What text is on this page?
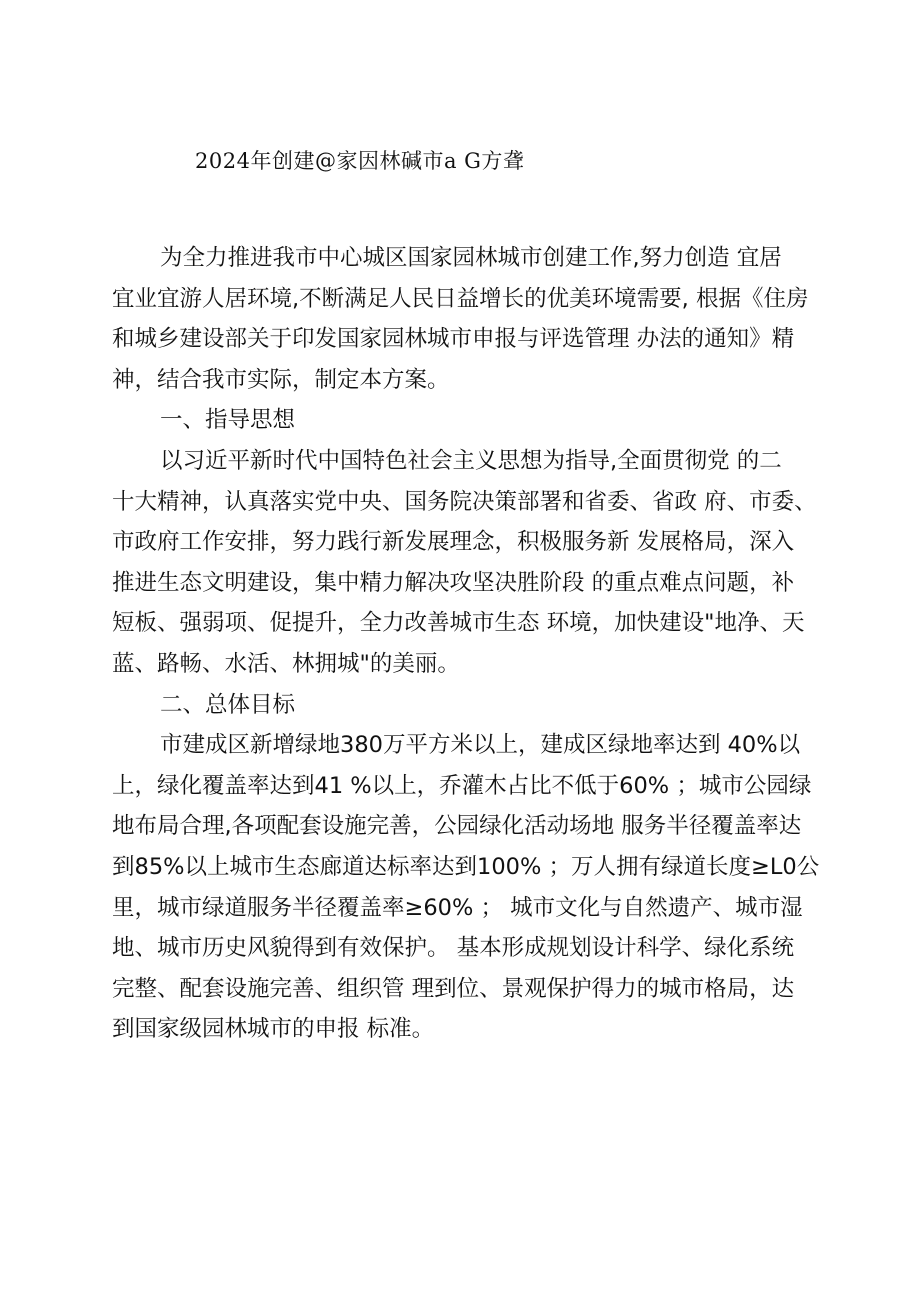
2024年创建@家因林碱市a G方聋
为全力推进我市中心城区国家园林城市创建工作,努力创造 宜居
宜业宜游人居环境,不断满足人民日益增长的优美环境需要, 根据《住房
和城乡建设部关于印发国家园林城市申报与评选管理 办法的通知》精
神，结合我市实际，制定本方案。
一、指导思想
以习近平新时代中国特色社会主义思想为指导,全面贯彻党 的二
十大精神，认真落实党中央、国务院决策部署和省委、省政 府、市委、
市政府工作安排，努力践行新发展理念，积极服务新 发展格局，深入
推进生态文明建设，集中精力解决攻坚决胜阶段 的重点难点问题，补
短板、强弱项、促提升，全力改善城市生态 环境，加快建设"地净、天
蓝、路畅、水活、林拥城"的美丽。
二、总体目标
市建成区新增绿地380万平方米以上，建成区绿地率达到 40%以
上，绿化覆盖率达到41 %以上，乔灌木占比不低于60% ；城市公园绿
地布局合理,各项配套设施完善，公园绿化活动场地 服务半径覆盖率达
到85%以上城市生态廊道达标率达到100% ；万人拥有绿道长度≥L0公
里，城市绿道服务半径覆盖率≥60% ； 城市文化与自然遗产、城市湿
地、城市历史风貌得到有效保护。 基本形成规划设计科学、绿化系统
完整、配套设施完善、组织管 理到位、景观保护得力的城市格局，达
到国家级园林城市的申报 标准。
